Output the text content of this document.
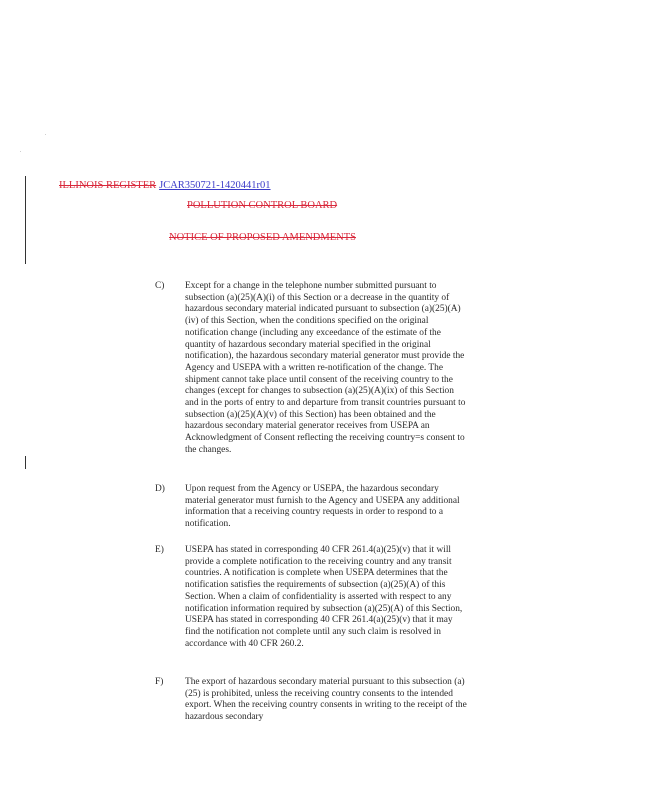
ILLINOIS REGISTER JCAR350721-1420441r01
POLLUTION CONTROL BOARD
NOTICE OF PROPOSED AMENDMENTS
C)	Except for a change in the telephone number submitted pursuant to subsection (a)(25)(A)(i) of this Section or a decrease in the quantity of hazardous secondary material indicated pursuant to subsection (a)(25)(A)(iv) of this Section, when the conditions specified on the original notification change (including any exceedance of the estimate of the quantity of hazardous secondary material specified in the original notification), the hazardous secondary material generator must provide the Agency and USEPA with a written re-notification of the change. The shipment cannot take place until consent of the receiving country to the changes (except for changes to subsection (a)(25)(A)(ix) of this Section and in the ports of entry to and departure from transit countries pursuant to subsection (a)(25)(A)(v) of this Section) has been obtained and the hazardous secondary material generator receives from USEPA an Acknowledgment of Consent reflecting the receiving country=s consent to the changes.
D)	Upon request from the Agency or USEPA, the hazardous secondary material generator must furnish to the Agency and USEPA any additional information that a receiving country requests in order to respond to a notification.
E)	USEPA has stated in corresponding 40 CFR 261.4(a)(25)(v) that it will provide a complete notification to the receiving country and any transit countries. A notification is complete when USEPA determines that the notification satisfies the requirements of subsection (a)(25)(A) of this Section. When a claim of confidentiality is asserted with respect to any notification information required by subsection (a)(25)(A) of this Section, USEPA has stated in corresponding 40 CFR 261.4(a)(25)(v) that it may find the notification not complete until any such claim is resolved in accordance with 40 CFR 260.2.
F)	The export of hazardous secondary material pursuant to this subsection (a)(25) is prohibited, unless the receiving country consents to the intended export. When the receiving country consents in writing to the receipt of the hazardous secondary
